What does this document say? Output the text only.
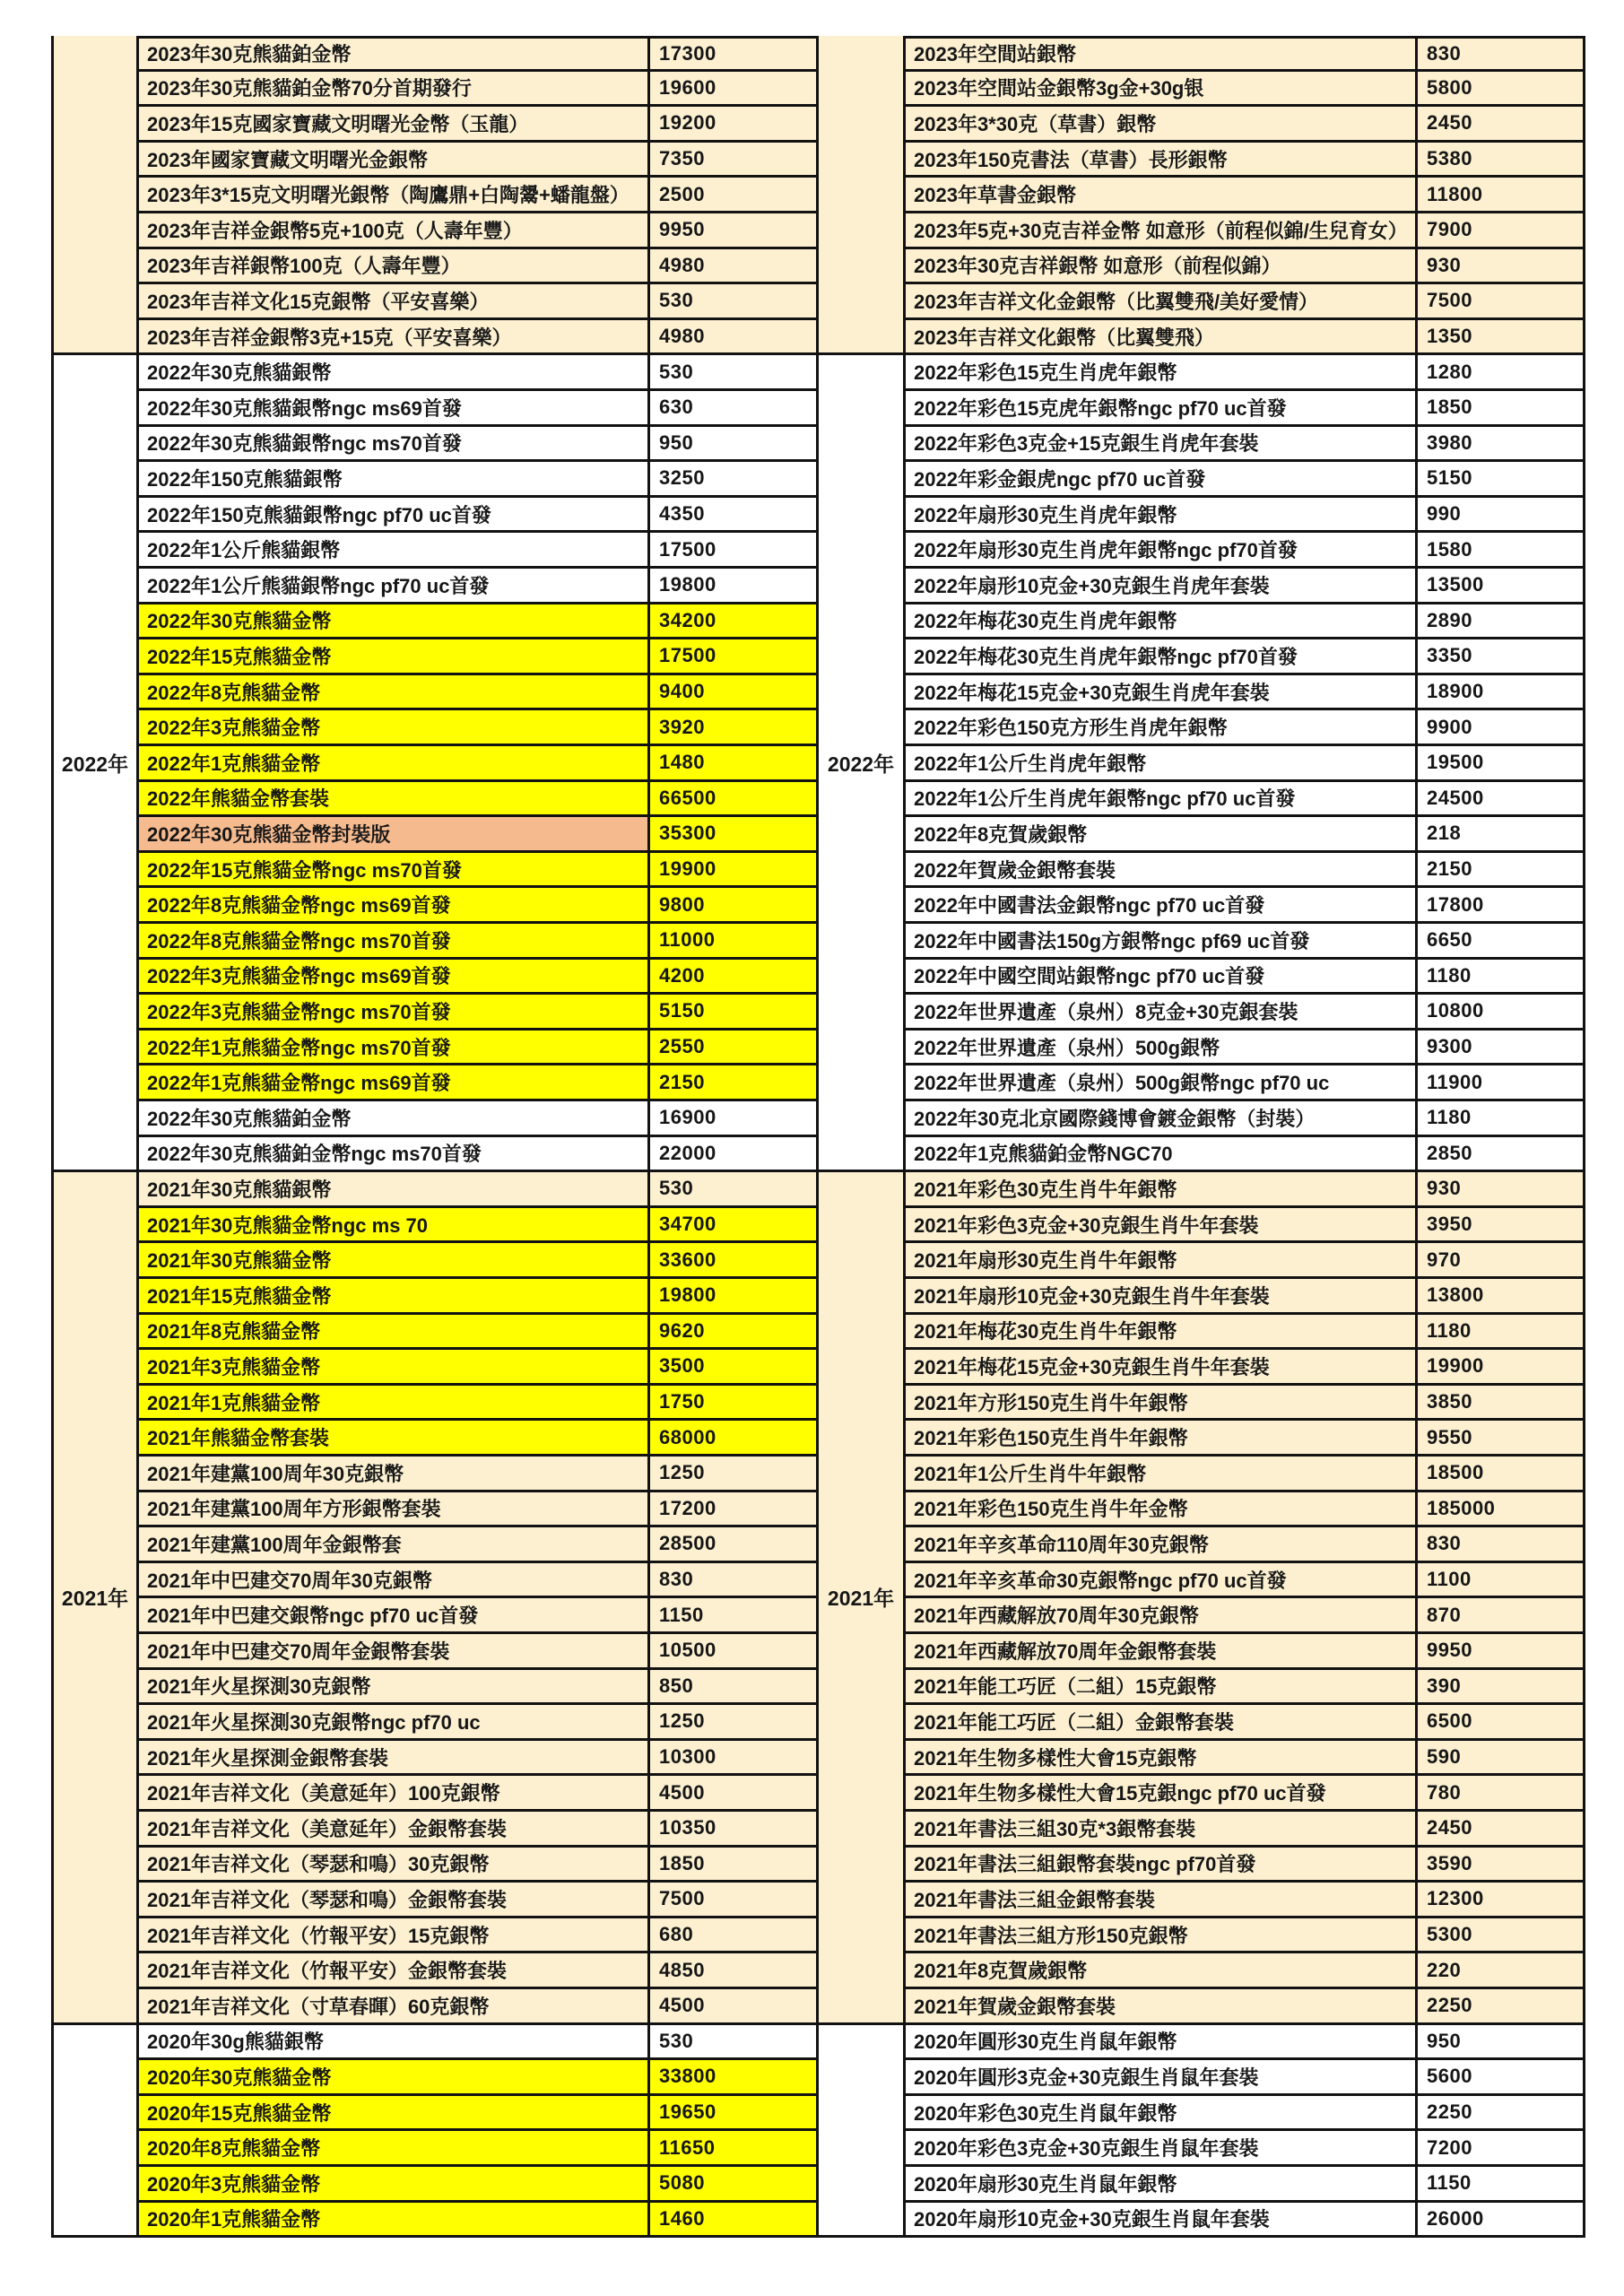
2023年30克熊貓鉑金幣	17300
2023年30克熊貓鉑金幣70分首期發行	19600
2023年15克國家寶藏文明曙光金幣（玉龍）	19200
2023年國家寶藏文明曙光金銀幣	7350
2023年3*15克文明曙光銀幣（陶鷹鼎+白陶鬹+蟠龍盤）	2500
2023年吉祥金銀幣5克+100克（人壽年豐）	9950
2023年吉祥銀幣100克（人壽年豐）	4980
2023年吉祥文化15克銀幣（平安喜樂）	530
2023年吉祥金銀幣3克+15克（平安喜樂）	4980
2023年空間站銀幣	830
2023年空間站金銀幣3g金+30g银	5800
2023年3*30克（草書）銀幣	2450
2023年150克書法（草書）長形銀幣	5380
2023年草書金銀幣	11800
2023年5克+30克吉祥金幣 如意形（前程似錦/生兒育女） 7900
2023年30克吉祥銀幣 如意形（前程似錦）	930
2023年吉祥文化金銀幣（比翼雙飛/美好愛情）	7500
2023年吉祥文化銀幣（比翼雙飛）	1350
2022年
2022年30克熊貓銀幣	530
2022年30克熊貓銀幣ngc ms69首發	630
2022年30克熊貓銀幣ngc ms70首發	950
2022年150克熊貓銀幣	3250
2022年150克熊貓銀幣ngc pf70 uc首發	4350
2022年1公斤熊貓銀幣	17500
2022年1公斤熊貓銀幣ngc pf70 uc首發	19800
2022年30克熊貓金幣	34200
2022年15克熊貓金幣	17500
2022年8克熊貓金幣	9400
2022年3克熊貓金幣	3920
2022年1克熊貓金幣	1480
2022年熊貓金幣套裝	66500
2022年30克熊貓金幣封裝版	35300
2022年15克熊貓金幣ngc ms70首發	19900
2022年8克熊貓金幣ngc ms69首發	9800
2022年8克熊貓金幣ngc ms70首發	11000
2022年3克熊貓金幣ngc ms69首發	4200
2022年3克熊貓金幣ngc ms70首發	5150
2022年1克熊貓金幣ngc ms70首發	2550
2022年1克熊貓金幣ngc ms69首發	2150
2022年30克熊貓鉑金幣	16900
2022年30克熊貓鉑金幣ngc ms70首發	22000
2022年
2022年彩色15克生肖虎年銀幣	1280
2022年彩色15克虎年銀幣ngc pf70 uc首發	1850
2022年彩色3克金+15克銀生肖虎年套裝	3980
2022年彩金銀虎ngc pf70 uc首發	5150
2022年扇形30克生肖虎年銀幣	990
2022年扇形30克生肖虎年銀幣ngc pf70首發	1580
2022年扇形10克金+30克銀生肖虎年套裝	13500
2022年梅花30克生肖虎年銀幣	2890
2022年梅花30克生肖虎年銀幣ngc pf70首發	3350
2022年梅花15克金+30克銀生肖虎年套裝	18900
2022年彩色150克方形生肖虎年銀幣	9900
2022年1公斤生肖虎年銀幣	19500
2022年1公斤生肖虎年銀幣ngc pf70 uc首發	24500
2022年8克賀歲銀幣	218
2022年賀歲金銀幣套裝	2150
2022年中國書法金銀幣ngc pf70 uc首發	17800
2022年中國書法150g方銀幣ngc pf69 uc首發	6650
2022年中國空間站銀幣ngc pf70 uc首發	1180
2022年世界遺產（泉州）8克金+30克銀套裝	10800
2022年世界遺產（泉州）500g銀幣	9300
2022年世界遺產（泉州）500g銀幣ngc pf70 uc	11900
2022年30克北京國際錢博會鍍金銀幣（封裝）	1180
2022年1克熊貓鉑金幣NGC70	2850
2021年
2021年30克熊貓銀幣	530
2021年30克熊貓金幣ngc ms 70	34700
2021年30克熊貓金幣	33600
2021年15克熊貓金幣	19800
2021年8克熊貓金幣	9620
2021年3克熊貓金幣	3500
2021年1克熊貓金幣	1750
2021年熊貓金幣套裝	68000
2021年建黨100周年30克銀幣	1250
2021年建黨100周年方形銀幣套裝	17200
2021年建黨100周年金銀幣套	28500
2021年中巴建交70周年30克銀幣	830
2021年中巴建交銀幣ngc pf70 uc首發	1150
2021年中巴建交70周年金銀幣套裝	10500
2021年火星探測30克銀幣	850
2021年火星探測30克銀幣ngc pf70 uc	1250
2021年火星探測金銀幣套裝	10300
2021年吉祥文化（美意延年）100克銀幣	4500
2021年吉祥文化（美意延年）金銀幣套裝	10350
2021年吉祥文化（琴瑟和鳴）30克銀幣	1850
2021年吉祥文化（琴瑟和鳴）金銀幣套裝	7500
2021年吉祥文化（竹報平安）15克銀幣	680
2021年吉祥文化（竹報平安）金銀幣套裝	4850
2021年吉祥文化（寸草春暉）60克銀幣	4500
2021年
2021年彩色30克生肖牛年銀幣	930
2021年彩色3克金+30克銀生肖牛年套裝	3950
2021年扇形30克生肖牛年銀幣	970
2021年扇形10克金+30克銀生肖牛年套裝	13800
2021年梅花30克生肖牛年銀幣	1180
2021年梅花15克金+30克銀生肖牛年套裝	19900
2021年方形150克生肖牛年銀幣	3850
2021年彩色150克生肖牛年銀幣	9550
2021年1公斤生肖牛年銀幣	18500
2021年彩色150克生肖牛年金幣	185000
2021年辛亥革命110周年30克銀幣	830
2021年辛亥革命30克銀幣ngc pf70 uc首發	1100
2021年西藏解放70周年30克銀幣	870
2021年西藏解放70周年金銀幣套裝	9950
2021年能工巧匠（二組）15克銀幣	390
2021年能工巧匠（二組）金銀幣套裝	6500
2021年生物多樣性大會15克銀幣	590
2021年生物多樣性大會15克銀ngc pf70 uc首發	780
2021年書法三組30克*3銀幣套裝	2450
2021年書法三組銀幣套裝ngc pf70首發	3590
2021年書法三組金銀幣套裝	12300
2021年書法三組方形150克銀幣	5300
2021年8克賀歲銀幣	220
2021年賀歲金銀幣套裝	2250
2020年30g熊貓銀幣	530
2020年30克熊貓金幣	33800
2020年15克熊貓金幣	19650
2020年8克熊貓金幣	11650
2020年3克熊貓金幣	5080
2020年1克熊貓金幣	1460
2020年圓形30克生肖鼠年銀幣	950
2020年圓形3克金+30克銀生肖鼠年套裝	5600
2020年彩色30克生肖鼠年銀幣	2250
2020年彩色3克金+30克銀生肖鼠年套裝	7200
2020年扇形30克生肖鼠年銀幣	1150
2020年扇形10克金+30克銀生肖鼠年套裝	26000
